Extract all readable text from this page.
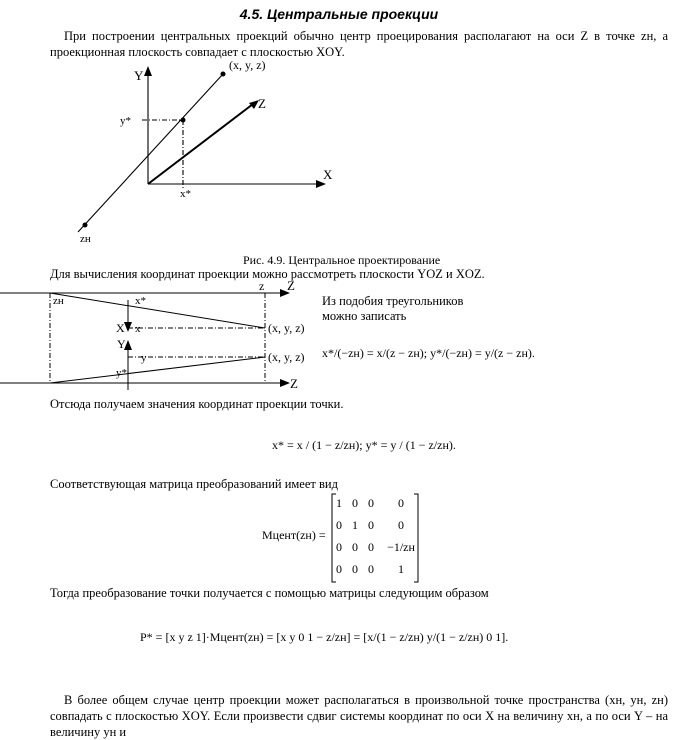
4.5. Центральные проекции
При построении центральных проекций обычно центр проецирования располагают на оси Z в точке zн, а проекционная плоскость совпадает с плоскостью XOY.
(x, y, z)
Y
Z
X
y*
x*
zн
Рис. 4.9. Центральное проектирование
Для вычисления координат проекции можно рассмотреть плоскости YOZ и XOZ.
zн	x*
z Z
X x	(x, y, z)
Y
y
y*
(x, y, z)
Z
Из подобия треугольников
можно записать
x*/(−zн) = x/(z − zн); y*/(−zн) = y/(z − zн).
Отсюда получаем значения координат проекции точки.
x* = x / (1 − z/zн); y* = y / (1 − z/zн).
Соответствующая матрица преобразований имеет вид
Mцент(zн) =
1 0 0	0
0 1 0	0
0 0 0	−1/zн
0 0 0	1
Тогда преобразование точки получается с помощью матрицы следующим образом
P* = [x y z 1]·Mцент(zн) = [x y 0 1 − z/zн] = [x/(1 − z/zн) y/(1 − z/zн) 0 1].
В более общем случае центр проекции может располагаться в произвольной точке пространства (xн, yн, zн) совпадать с плоскостью XOY. Если произвести сдвиг системы координат по оси X на величину xн, а по оси Y – на величину yн и
